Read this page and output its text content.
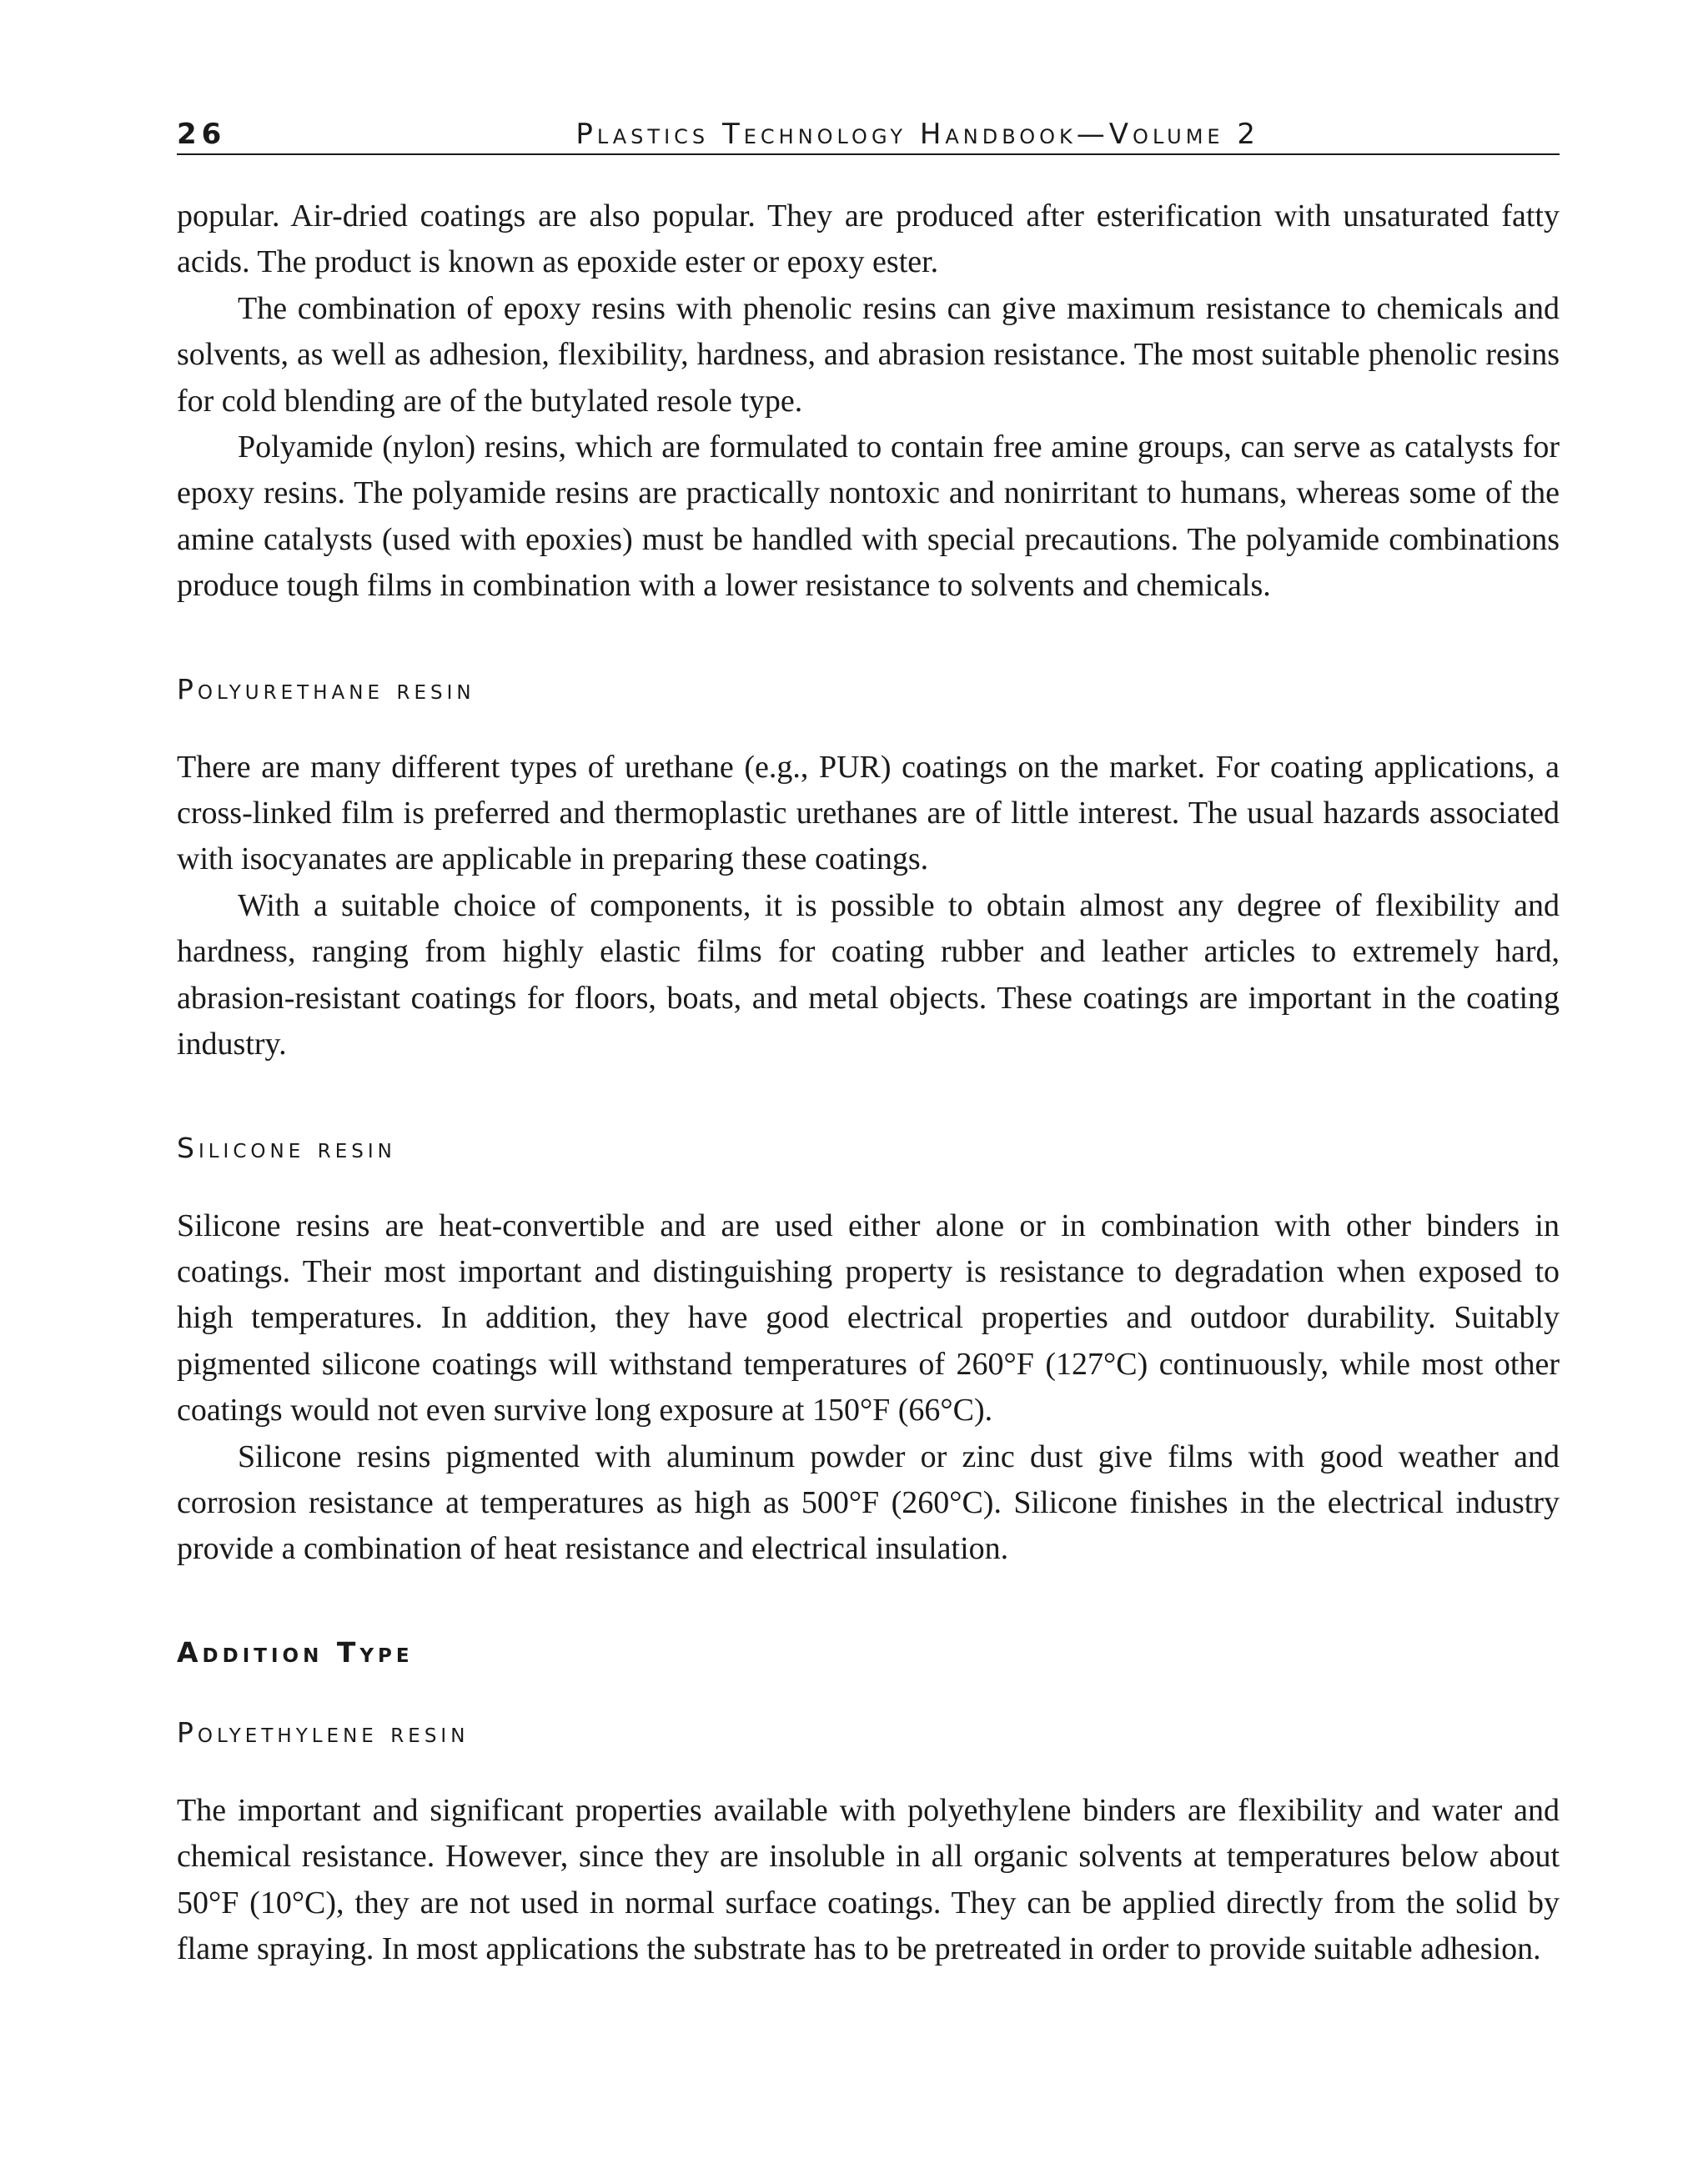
26	Plastics Technology Handbook—Volume 2

popular. Air-dried coatings are also popular. They are produced after esterification with unsaturated fatty acids. The product is known as epoxide ester or epoxy ester.

The combination of epoxy resins with phenolic resins can give maximum resistance to chemicals and solvents, as well as adhesion, flexibility, hardness, and abrasion resistance. The most suitable phenolic resins for cold blending are of the butylated resole type.

Polyamide (nylon) resins, which are formulated to contain free amine groups, can serve as catalysts for epoxy resins. The polyamide resins are practically nontoxic and nonirritant to humans, whereas some of the amine catalysts (used with epoxies) must be handled with special precautions. The polyamide combinations produce tough films in combination with a lower resistance to solvents and chemicals.

Polyurethane resin

There are many different types of urethane (e.g., PUR) coatings on the market. For coating applications, a cross-linked film is preferred and thermoplastic urethanes are of little interest. The usual hazards associated with isocyanates are applicable in preparing these coatings.

With a suitable choice of components, it is possible to obtain almost any degree of flexibility and hardness, ranging from highly elastic films for coating rubber and leather articles to extremely hard, abrasion-resistant coatings for floors, boats, and metal objects. These coatings are important in the coating industry.

Silicone resin

Silicone resins are heat-convertible and are used either alone or in combination with other binders in coatings. Their most important and distinguishing property is resistance to degradation when exposed to high temperatures. In addition, they have good electrical properties and outdoor durability. Suitably pigmented silicone coatings will withstand temperatures of 260°F (127°C) continuously, while most other coatings would not even survive long exposure at 150°F (66°C).

Silicone resins pigmented with aluminum powder or zinc dust give films with good weather and corrosion resistance at temperatures as high as 500°F (260°C). Silicone finishes in the electrical industry provide a combination of heat resistance and electrical insulation.

Addition Type
Polyethylene resin

The important and significant properties available with polyethylene binders are flexibility and water and chemical resistance. However, since they are insoluble in all organic solvents at temperatures below about 50°F (10°C), they are not used in normal surface coatings. They can be applied directly from the solid by flame spraying. In most applications the substrate has to be pretreated in order to provide suitable adhesion.
